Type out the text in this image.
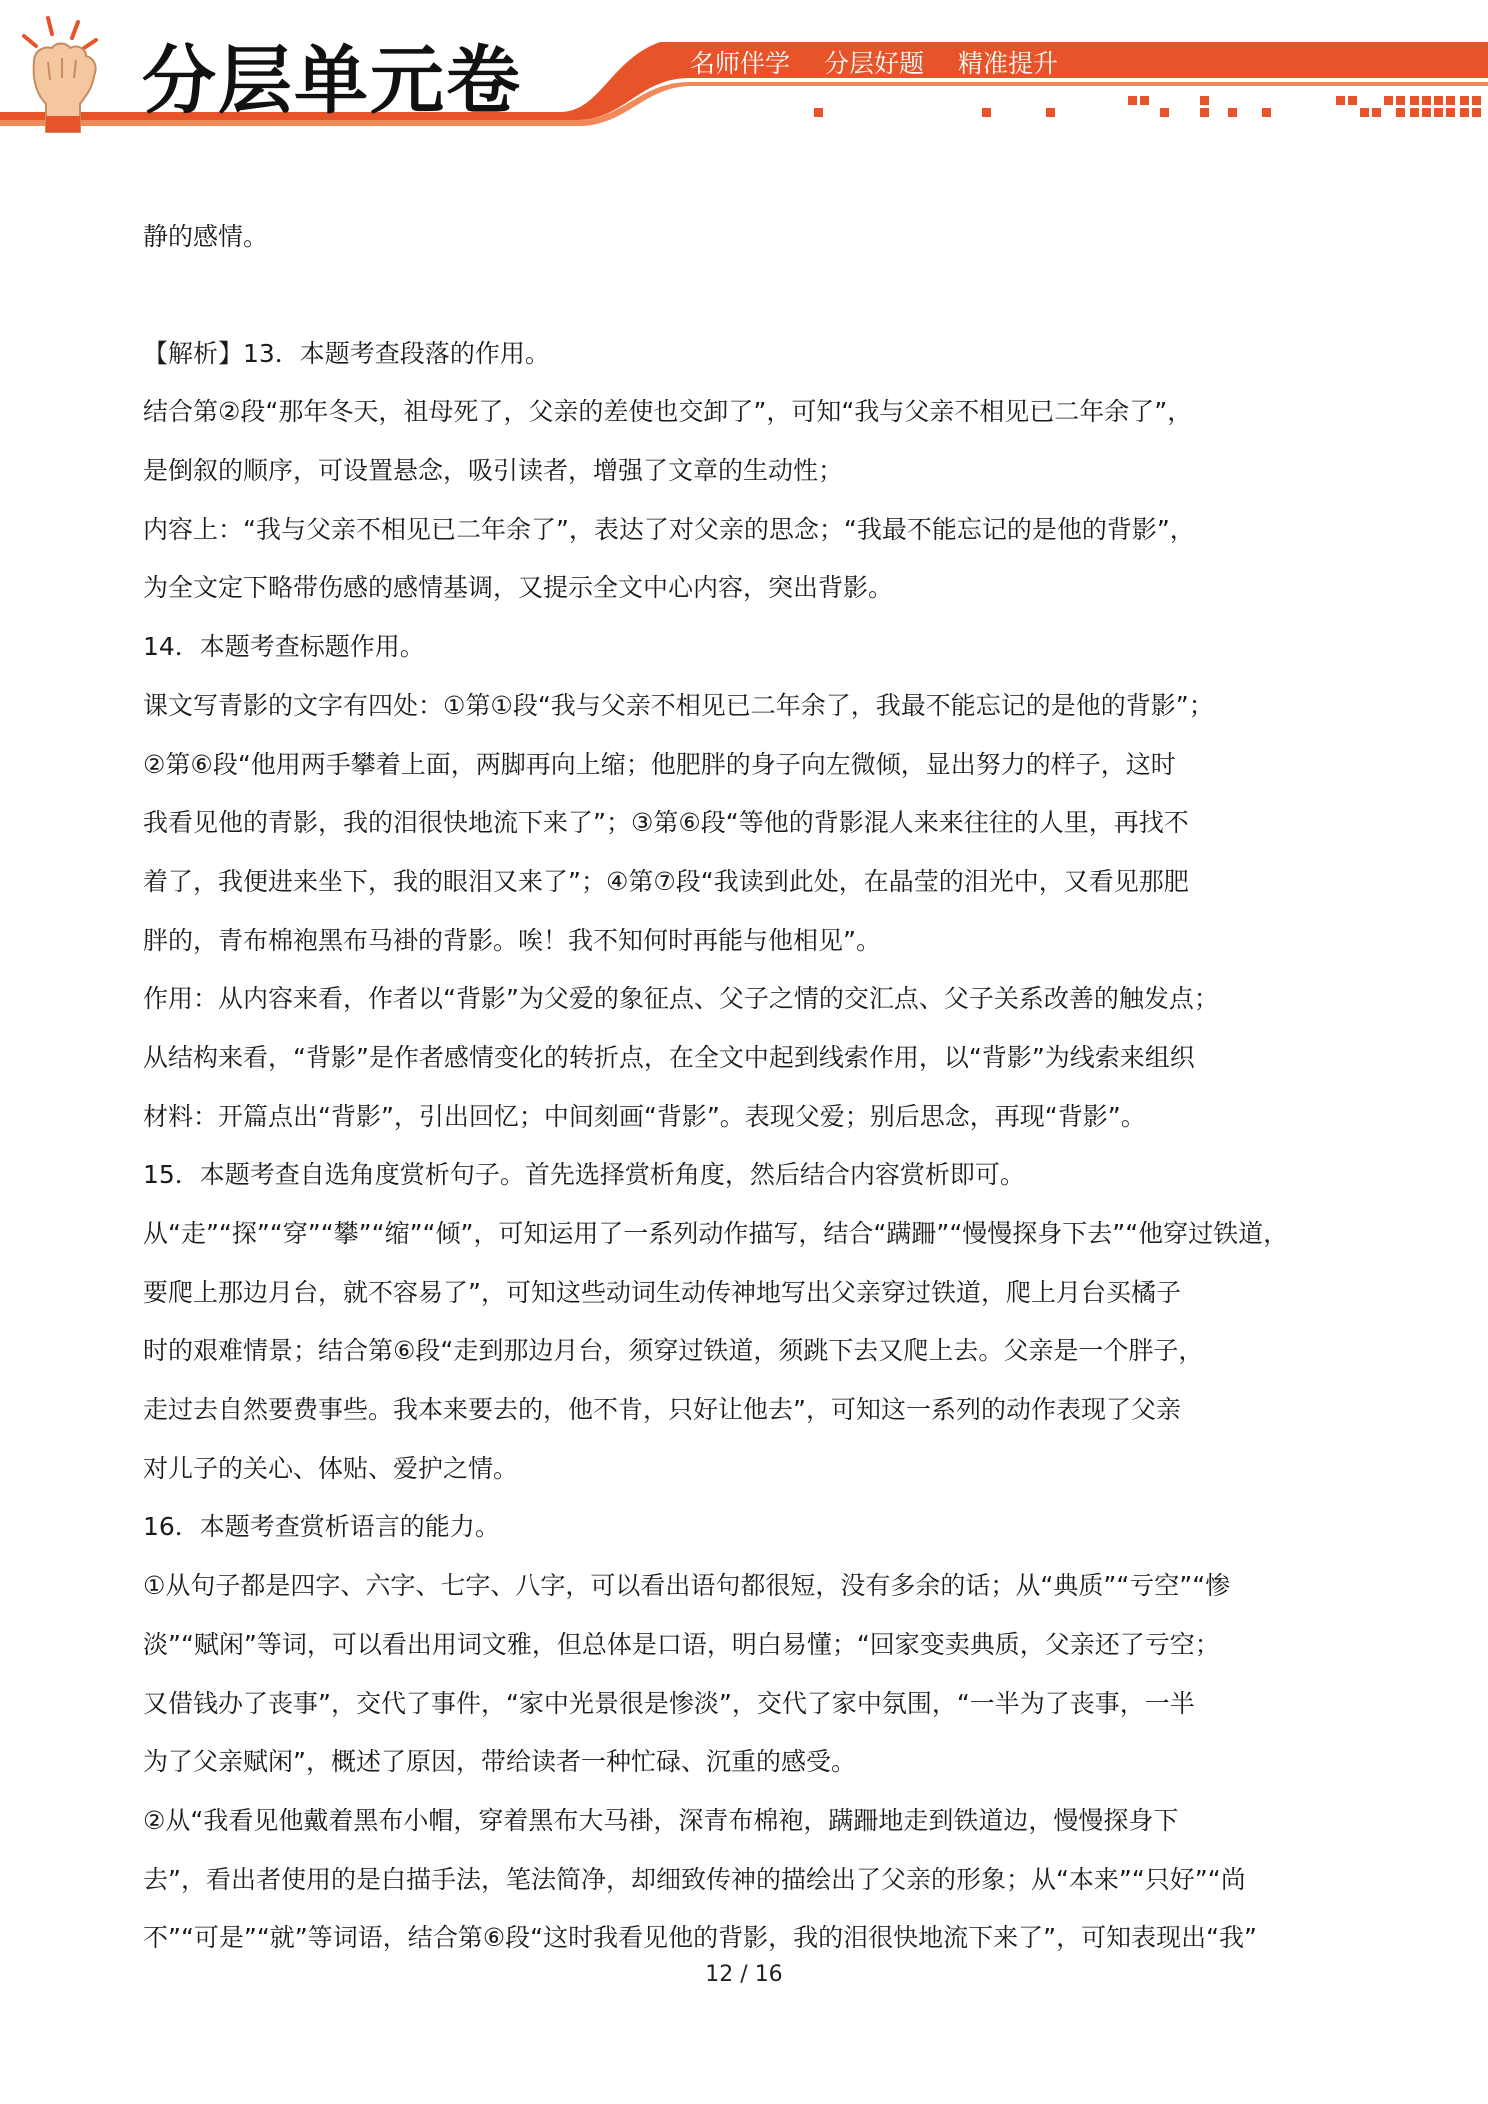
分层单元卷	名师伴学 分层好题 精准提升
静的感情。
【解析】13．本题考查段落的作用。
结合第②段“那年冬天，祖母死了，父亲的差使也交卸了”，可知“我与父亲不相见已二年余了”，
是倒叙的顺序，可设置悬念，吸引读者，增强了文章的生动性；
内容上：“我与父亲不相见已二年余了”，表达了对父亲的思念；“我最不能忘记的是他的背影”，
为全文定下略带伤感的感情基调，又提示全文中心内容，突出背影。
14．本题考查标题作用。
课文写青影的文字有四处：①第①段“我与父亲不相见已二年余了，我最不能忘记的是他的背影”；
②第⑥段“他用两手攀着上面，两脚再向上缩；他肥胖的身子向左微倾，显出努力的样子，这时
我看见他的青影，我的泪很快地流下来了”；③第⑥段“等他的背影混人来来往往的人里，再找不
着了，我便进来坐下，我的眼泪又来了”；④第⑦段“我读到此处，在晶莹的泪光中，又看见那肥
胖的，青布棉袍黑布马褂的背影。唉！我不知何时再能与他相见”。
作用：从内容来看，作者以“背影”为父爱的象征点、父子之情的交汇点、父子关系改善的触发点；
从结构来看，“背影”是作者感情变化的转折点，在全文中起到线索作用，以“背影”为线索来组织
材料：开篇点出“背影”，引出回忆；中间刻画“背影”。表现父爱；别后思念，再现“背影”。
15．本题考查自选角度赏析句子。首先选择赏析角度，然后结合内容赏析即可。
从“走”“探”“穿”“攀”“缩”“倾”，可知运用了一系列动作描写，结合“蹒跚”“慢慢探身下去”“他穿过铁道，
要爬上那边月台，就不容易了”，可知这些动词生动传神地写出父亲穿过铁道，爬上月台买橘子
时的艰难情景；结合第⑥段“走到那边月台，须穿过铁道，须跳下去又爬上去。父亲是一个胖子，
走过去自然要费事些。我本来要去的，他不肯，只好让他去”，可知这一系列的动作表现了父亲
对儿子的关心、体贴、爱护之情。
16．本题考查赏析语言的能力。
①从句子都是四字、六字、七字、八字，可以看出语句都很短，没有多余的话；从“典质”“亏空”“惨
淡”“赋闲”等词，可以看出用词文雅，但总体是口语，明白易懂；“回家变卖典质，父亲还了亏空；
又借钱办了丧事”，交代了事件，“家中光景很是惨淡”，交代了家中氛围，“一半为了丧事，一半
为了父亲赋闲”，概述了原因，带给读者一种忙碌、沉重的感受。
②从“我看见他戴着黑布小帽，穿着黑布大马褂，深青布棉袍，蹒跚地走到铁道边，慢慢探身下
去”，看出者使用的是白描手法，笔法简净，却细致传神的描绘出了父亲的形象；从“本来”“只好”“尚
不”“可是”“就”等词语，结合第⑥段“这时我看见他的背影，我的泪很快地流下来了”，可知表现出“我”
12 / 16
